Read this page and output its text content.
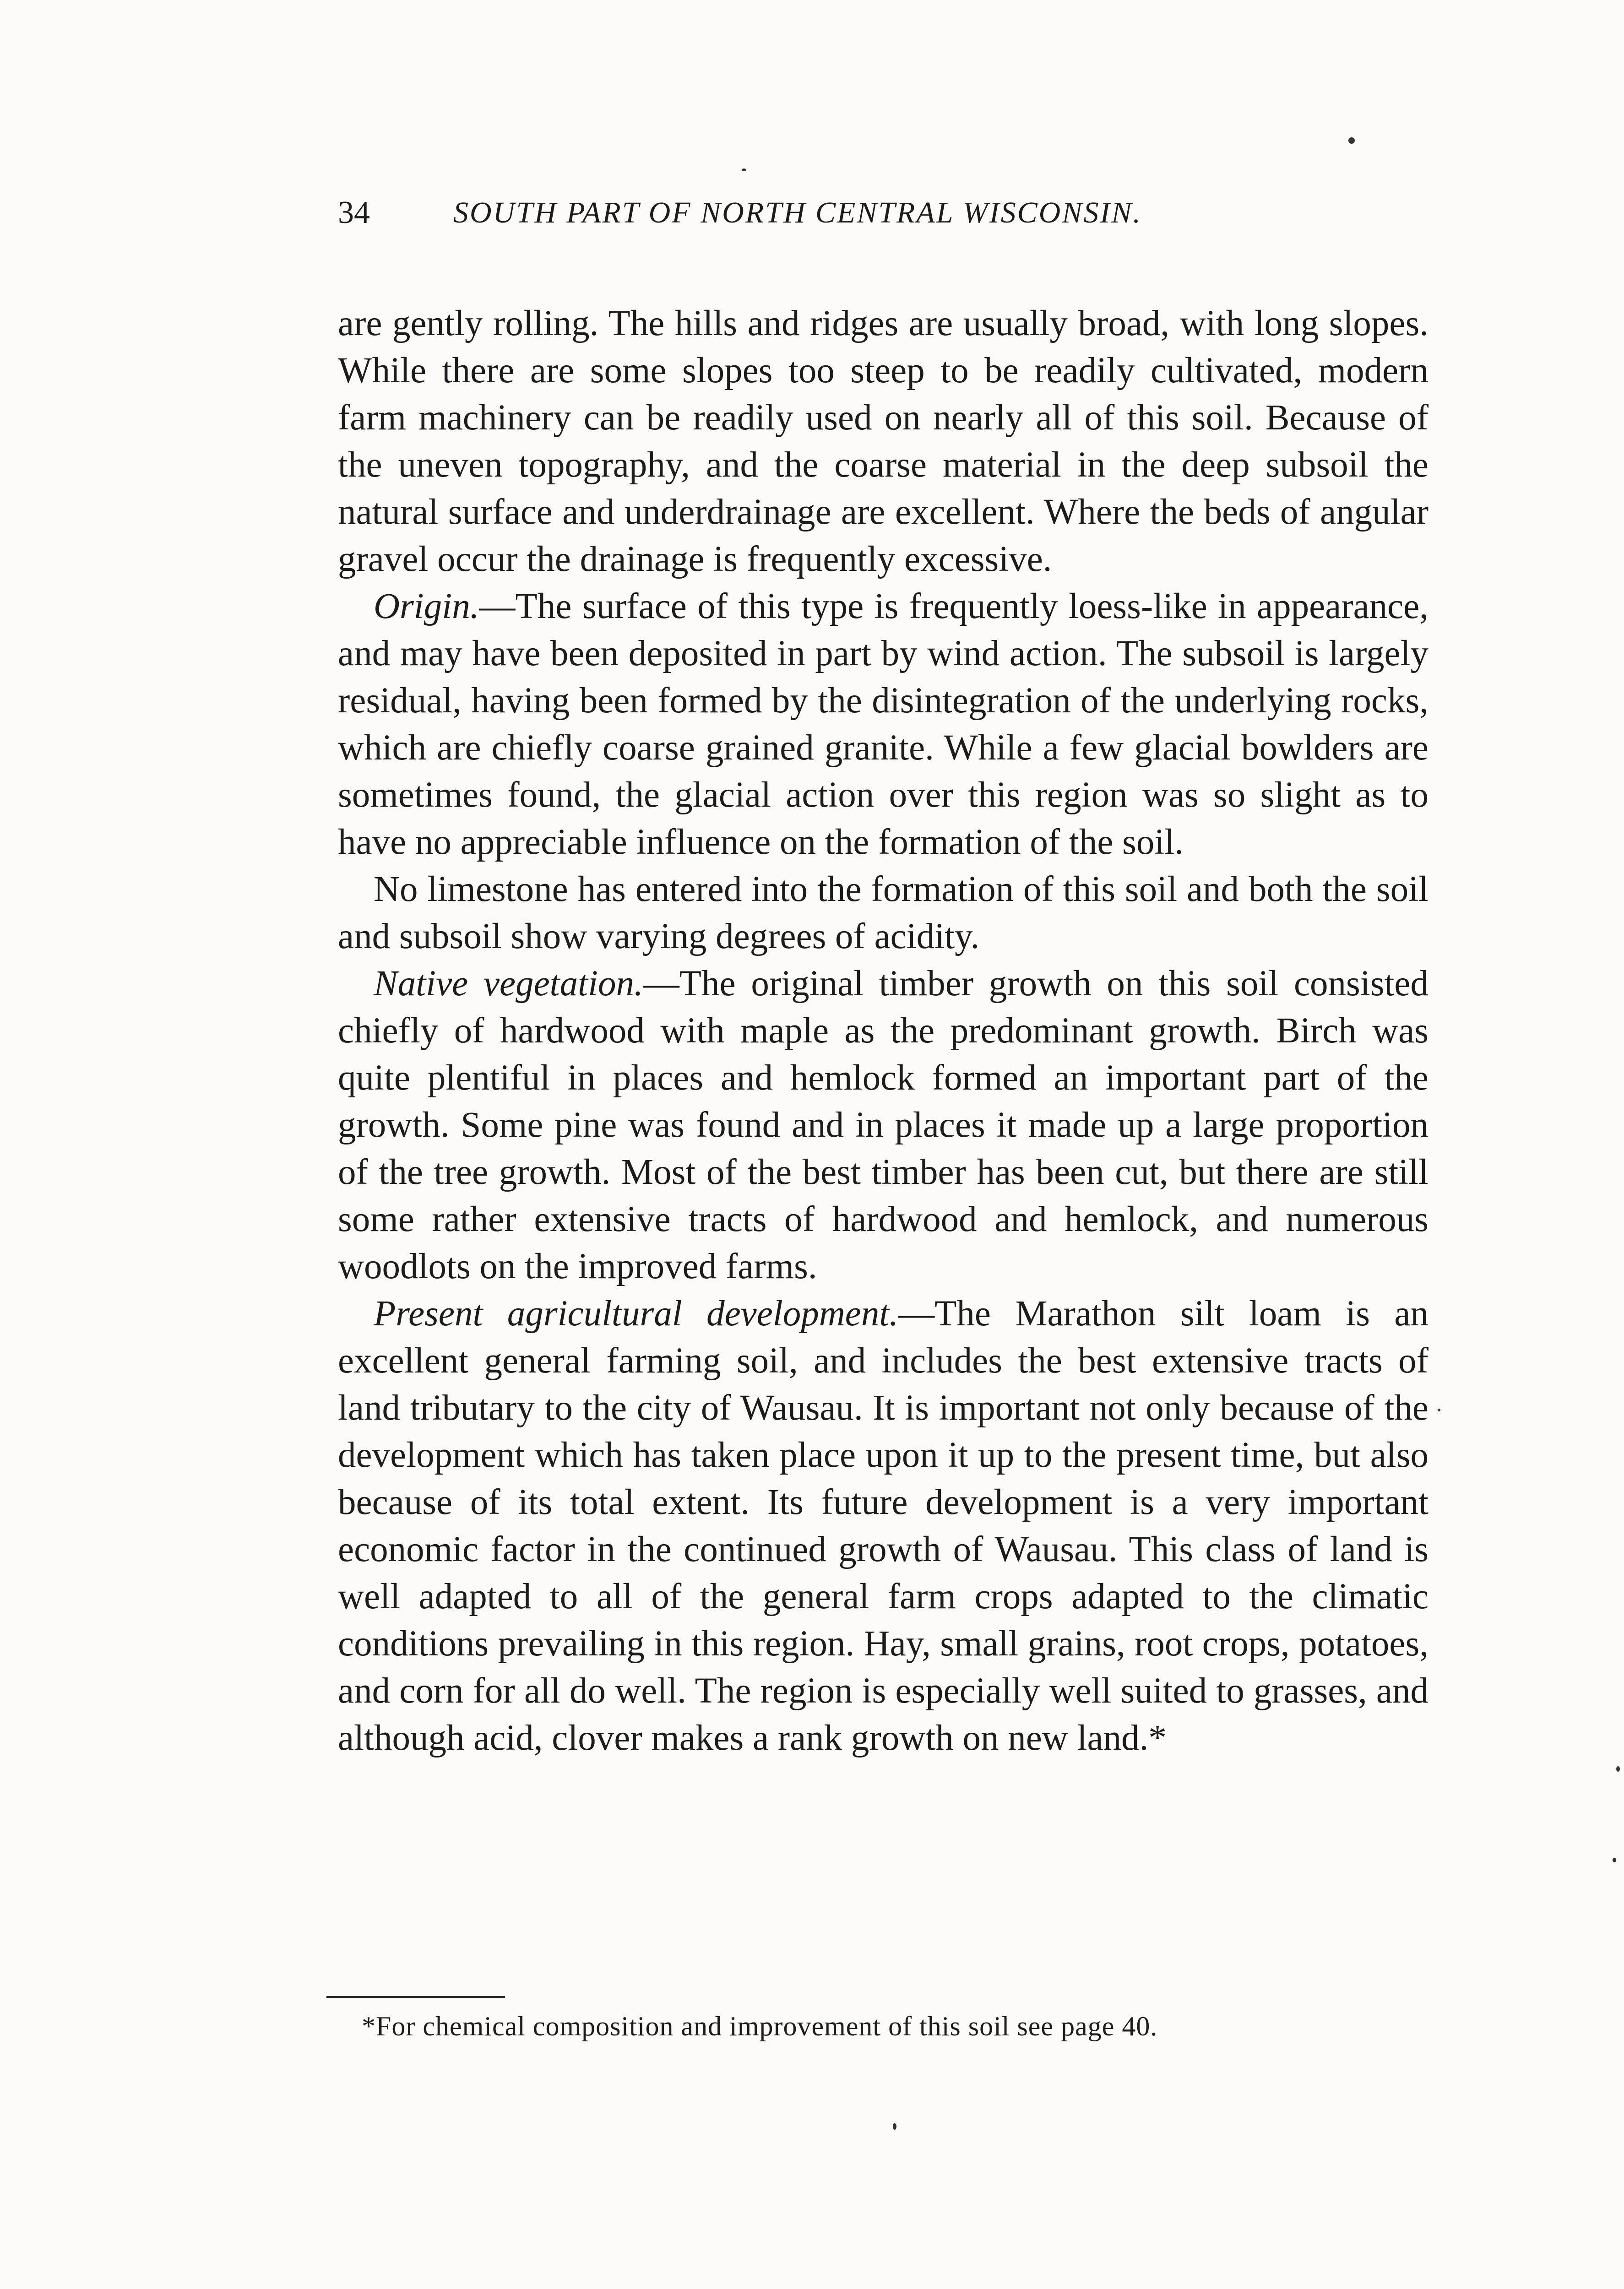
34	SOUTH PART OF NORTH CENTRAL WISCONSIN.

are gently rolling. The hills and ridges are usually broad, with long slopes. While there are some slopes too steep to be readily cultivated, modern farm machinery can be readily used on nearly all of this soil. Because of the uneven topography, and the coarse material in the deep subsoil the natural surface and underdrainage are excellent. Where the beds of angular gravel occur the drainage is frequently excessive.

Origin.—The surface of this type is frequently loess-like in appearance, and may have been deposited in part by wind action. The subsoil is largely residual, having been formed by the disintegration of the underlying rocks, which are chiefly coarse grained granite. While a few glacial bowlders are sometimes found, the glacial action over this region was so slight as to have no appreciable influence on the formation of the soil.

No limestone has entered into the formation of this soil and both the soil and subsoil show varying degrees of acidity.

Native vegetation.—The original timber growth on this soil consisted chiefly of hardwood with maple as the predominant growth. Birch was quite plentiful in places and hemlock formed an important part of the growth. Some pine was found and in places it made up a large proportion of the tree growth. Most of the best timber has been cut, but there are still some rather extensive tracts of hardwood and hemlock, and numerous woodlots on the improved farms.

Present agricultural development.—The Marathon silt loam is an excellent general farming soil, and includes the best extensive tracts of land tributary to the city of Wausau. It is important not only because of the development which has taken place upon it up to the present time, but also because of its total extent. Its future development is a very important economic factor in the continued growth of Wausau. This class of land is well adapted to all of the general farm crops adapted to the climatic conditions prevailing in this region. Hay, small grains, root crops, potatoes, and corn for all do well. The region is especially well suited to grasses, and although acid, clover makes a rank growth on new land.*

*For chemical composition and improvement of this soil see page 40.
